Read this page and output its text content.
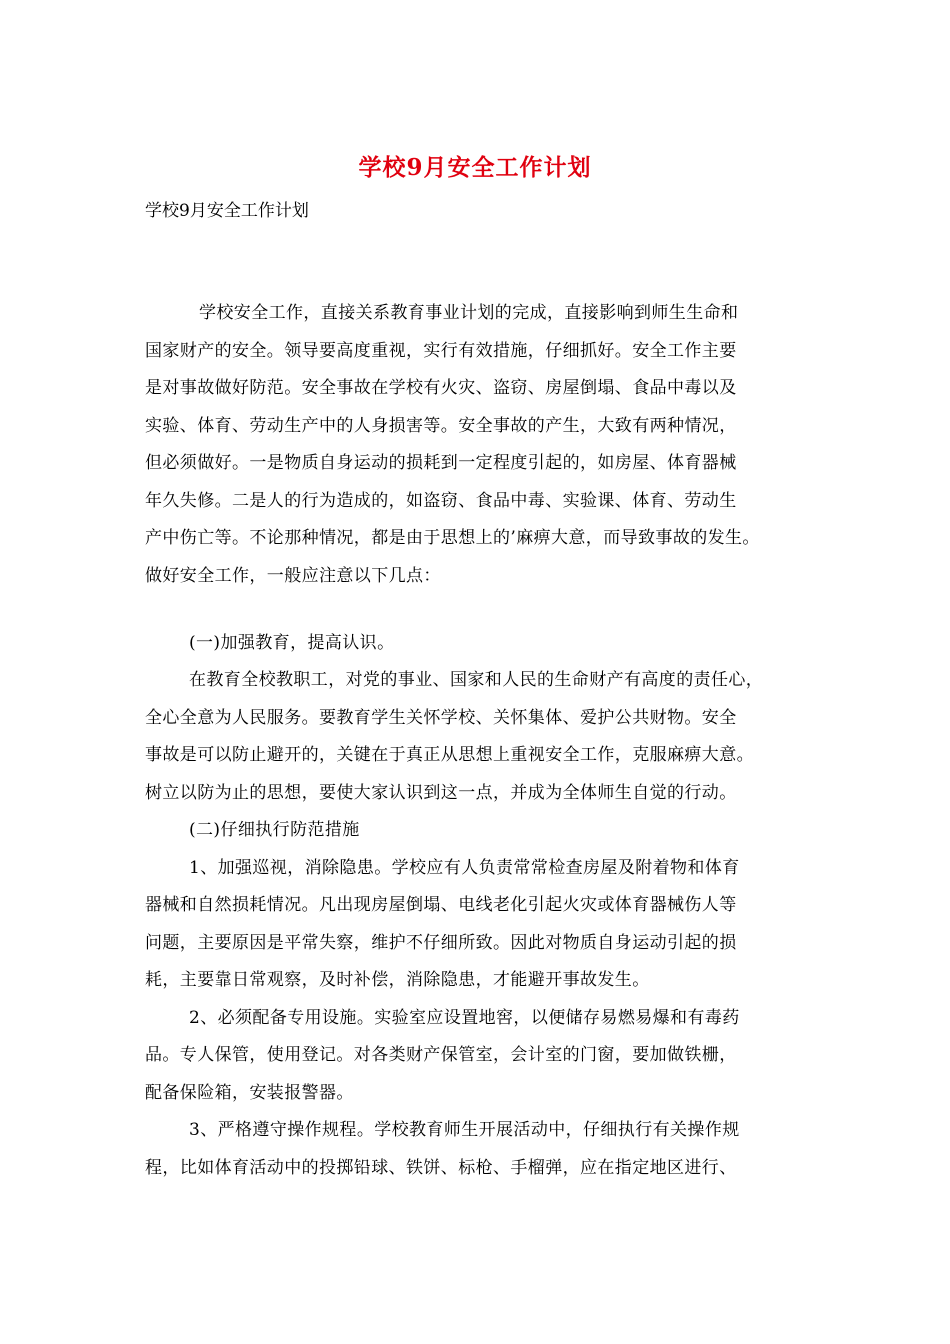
学校9月安全工作计划
学校9月安全工作计划
学校安全工作，直接关系教育事业计划的完成，直接影响到师生生命和
国家财产的安全。领导要高度重视，实行有效措施，仔细抓好。安全工作主要
是对事故做好防范。安全事故在学校有火灾、盗窃、房屋倒塌、食品中毒以及
实验、体育、劳动生产中的人身损害等。安全事故的产生，大致有两种情况，
但必须做好。一是物质自身运动的损耗到一定程度引起的，如房屋、体育器械
年久失修。二是人的行为造成的，如盗窃、食品中毒、实验课、体育、劳动生
产中伤亡等。不论那种情况，都是由于思想上的’麻痹大意，而导致事故的发生。
做好安全工作，一般应注意以下几点：
(一)加强教育，提高认识。
在教育全校教职工，对党的事业、国家和人民的生命财产有高度的责任心，
全心全意为人民服务。要教育学生关怀学校、关怀集体、爱护公共财物。安全
事故是可以防止避开的，关键在于真正从思想上重视安全工作，克服麻痹大意。
树立以防为止的思想，要使大家认识到这一点，并成为全体师生自觉的行动。
(二)仔细执行防范措施
1、加强巡视，消除隐患。学校应有人负责常常检查房屋及附着物和体育
器械和自然损耗情况。凡出现房屋倒塌、电线老化引起火灾或体育器械伤人等
问题，主要原因是平常失察，维护不仔细所致。因此对物质自身运动引起的损
耗，主要靠日常观察，及时补偿，消除隐患，才能避开事故发生。
2、必须配备专用设施。实验室应设置地窖，以便储存易燃易爆和有毒药
品。专人保管，使用登记。对各类财产保管室，会计室的门窗，要加做铁栅，
配备保险箱，安装报警器。
3、严格遵守操作规程。学校教育师生开展活动中，仔细执行有关操作规
程，比如体育活动中的投掷铅球、铁饼、标枪、手榴弹，应在指定地区进行、
